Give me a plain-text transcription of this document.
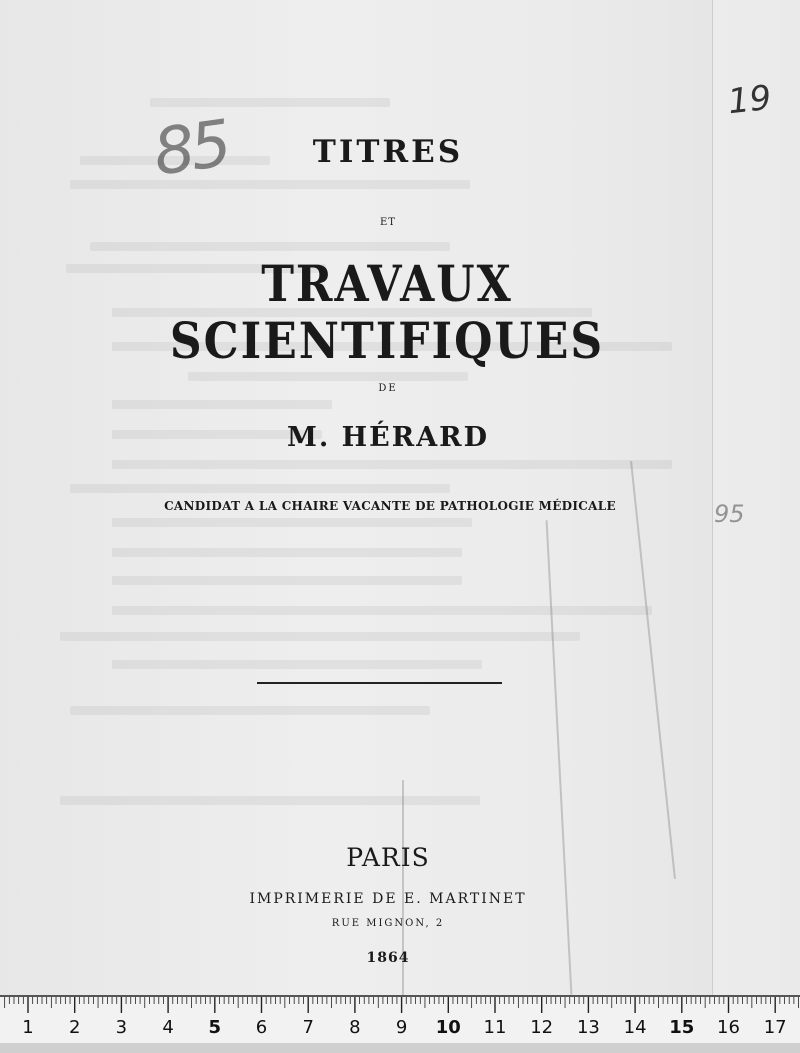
85
19
95
TITRES
ET
TRAVAUX SCIENTIFIQUES
DE
M. HÉRARD
CANDIDAT A LA CHAIRE VACANTE DE PATHOLOGIE MÉDICALE
PARIS
IMPRIMERIE DE E. MARTINET
RUE MIGNON, 2
1864
1	2	3	4	5	6	7	8	9	10 11 12 13 14 15 16 17
